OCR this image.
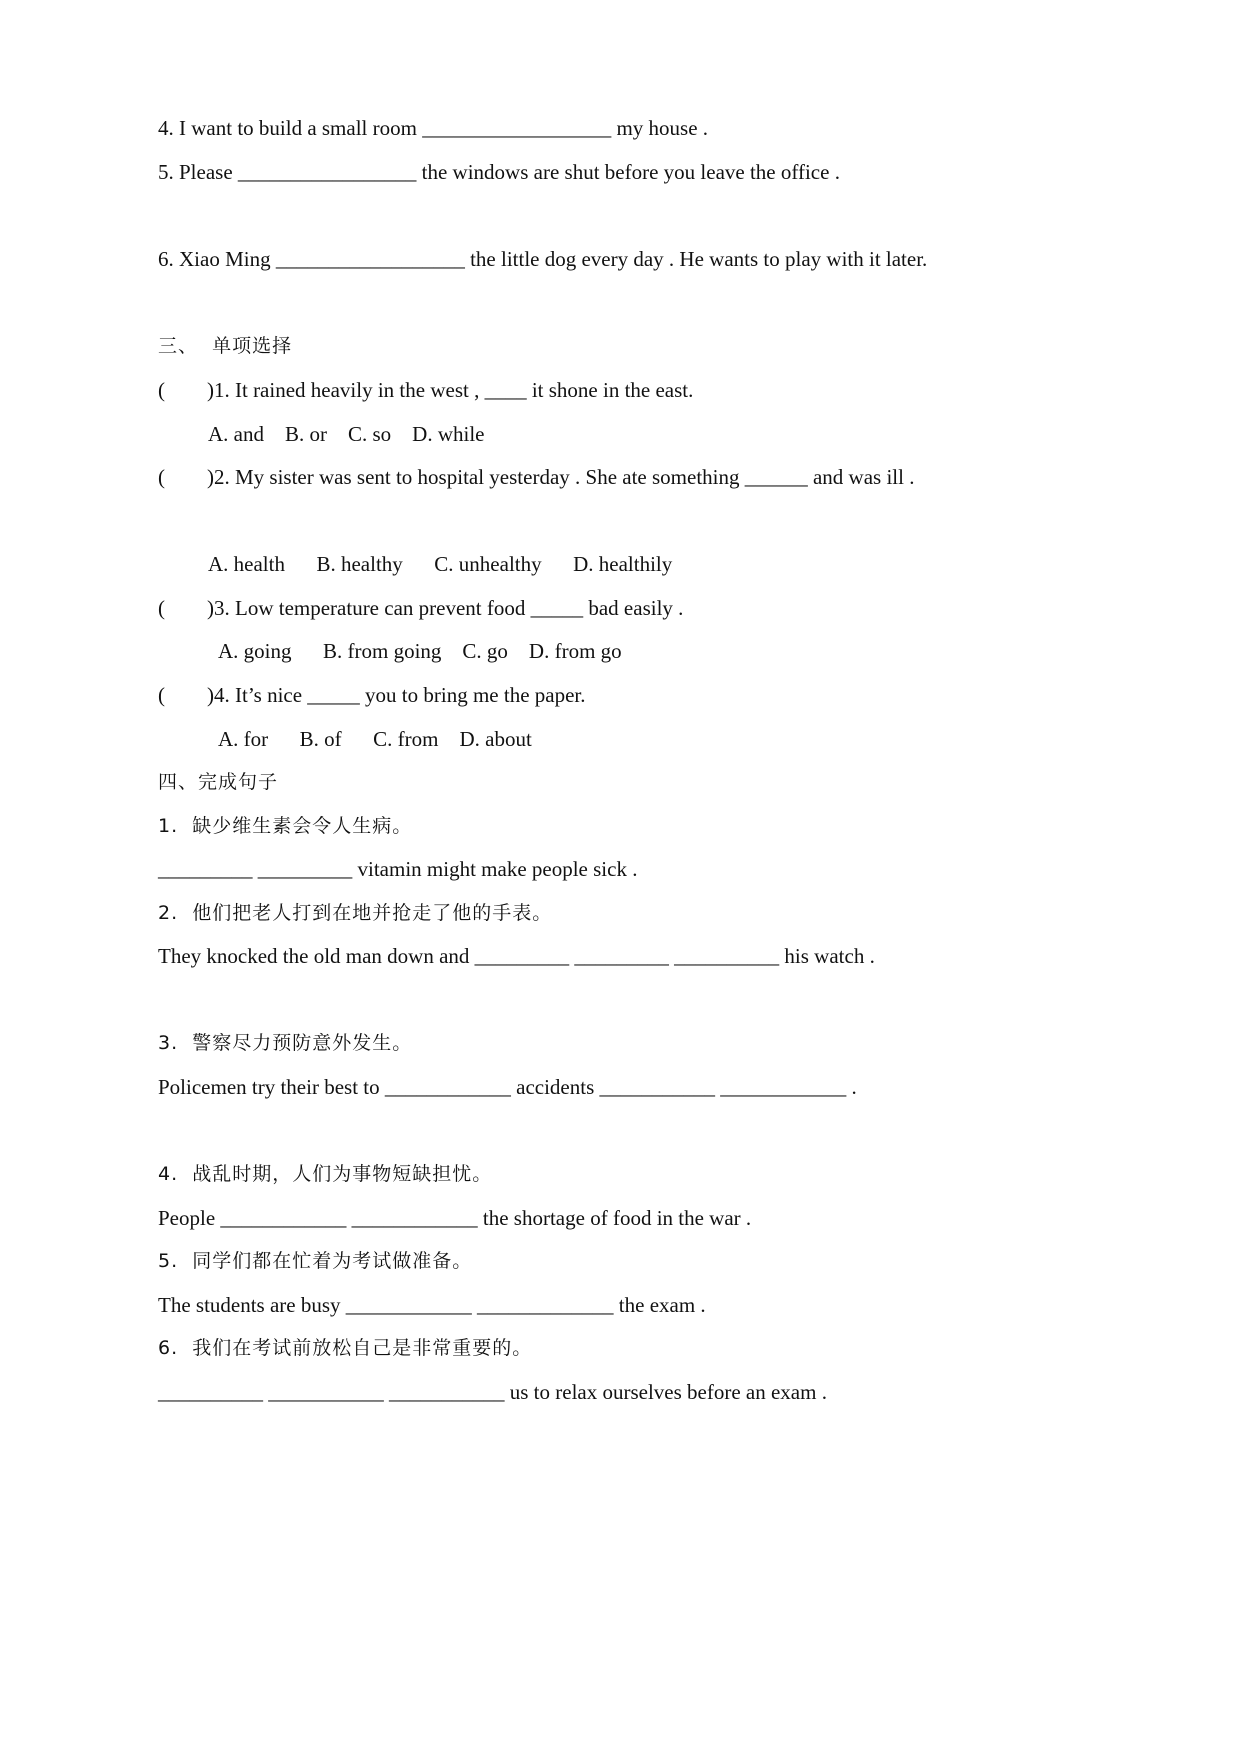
4. I want to build a small room __________________ my house .
5. Please _________________ the windows are shut before you leave the office .
6. Xiao Ming __________________ the little dog every day . He wants to play with it later.
三、  单项选择
(        )1. It rained heavily in the west , ____ it shone in the east.
A. and    B. or    C. so    D. while
(        )2. My sister was sent to hospital yesterday . She ate something ______ and was ill .
A. health      B. healthy      C. unhealthy      D. healthily
(        )3. Low temperature can prevent food _____ bad easily .
A. going      B. from going    C. go    D. from go
(        )4. It’s nice _____ you to bring me the paper.
A. for      B. of      C. from    D. about
四、完成句子
1.  缺少维生素会令人生病。
_________ _________ vitamin might make people sick .
2.  他们把老人打到在地并抢走了他的手表。
They knocked the old man down and _________ _________ __________ his watch .
3.  警察尽力预防意外发生。
Policemen try their best to ____________ accidents ___________ ____________ .
4.  战乱时期，人们为事物短缺担忧。
People ____________ ____________ the shortage of food in the war .
5.  同学们都在忙着为考试做准备。
The students are busy ____________ _____________ the exam .
6.  我们在考试前放松自己是非常重要的。
__________ ___________ ___________ us to relax ourselves before an exam .
